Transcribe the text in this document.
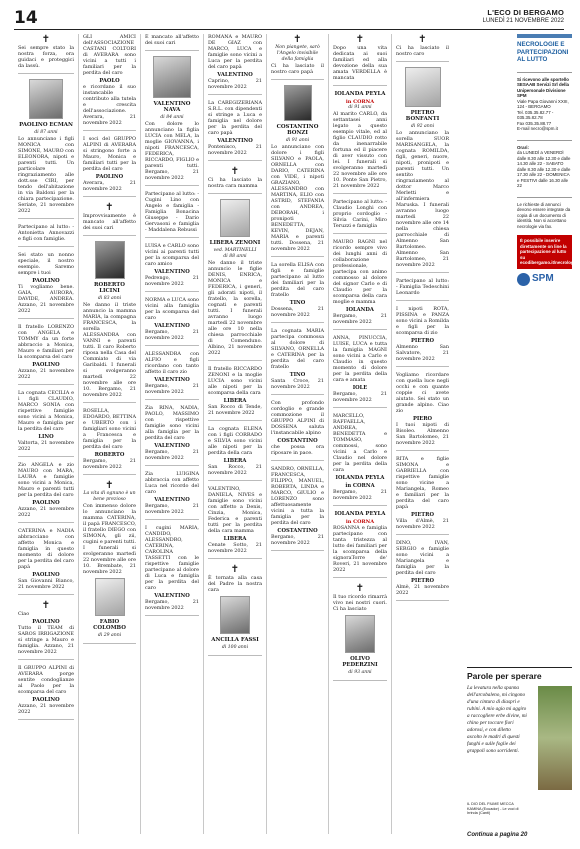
14	L'ECO DI BERGAMO
LUNEDÌ 21 NOVEMBRE 2022
✝
Sei sempre stato la nostra forza, ora guidaci e proteggici da lassù.
PAOLINO ECMAN
di 87 anni
Lo annunciano i figli MONICA con SIMONE, MAURO con ELEONORA, nipoti e parenti tutti. Un particolare ringraziamento alle dott.sse CIRI, per tendo dell'abitazione in via Baldoni per la chiara partecipazione. Seriate, 21 novembre 2022
Partecipano al lutto: - Antonietta Annovazzi e figli con famiglie.
Sei stato un nonno speciale, il nostro esempio. Saremo sempre i tuoi
PAOLINO
Ti vogliamo bene. GAIA, AURORA, DAVIDE, ANDREA. Azzano, 21 novembre 2022
Il fratello LORENZO con ANGELA e TOMMY da un forte abbraccio a Monica, Mauro e familiari per la scomparsa del caro
PAOLINO
Azzano, 21 novembre 2022
La cognata CECILIA e i figli CLAUDIO, MARCO SONIA con rispettive famiglie sono vicini a Monica, Mauro e famiglia per la perdita del caro
LINO
Valtorta, 21 novembre 2022
Zio ANGELA e zio MAURO con MARA, LAURA e famiglie sono vicini a Monica, Mauro e parenti tutti per la perdita del caro
PAOLINO
Azzano, 21 novembre 2022
CATERINA e NADIA abbracciano con affetto Monica e famiglia in questo momento di dolore per la perdita del caro papà
PAOLINO
San Giovanni Bianco, 21 novembre 2022
✝
Ciao
PAOLINO
Tutto il TEAM di SAROS IRRIGAZIONE si stringe a Mauro e famiglia. Azzano, 21 novembre 2022
Il GRUPPO ALPINI di AVERARA porge sentite condoglianze al Paolo per la scomparsa del caro
PAOLINO
Azzano, 21 novembre 2022
GLI AMICI dell'ASSOCIAZIONE CASTANI COLTORI di AVERARA sono vicini a tutti i familiari per la perdita del caro
PAOLO
e ricordano il suo instancabile contributo alla tutela e crescita dell'associazione. Averara, 21 novembre 2022
I soci del GRUPPO ALPINI di AVERARA si stringono forte a Mauro, Monica e familiari tutti per la perdita del caro
PAOLINO
Averara, 21 novembre 2022
✝
Improvvisamente è mancato all'affetto dei suoi cari
ROBERTO LICINI
di 83 anni
Ne danno il triste annuncio la mamma MARIA, la compagna FRANCESCA, la sorella ALESSANDRA con VANNI e parenti tutti. Il caro Roberto riposa nella Casa del Commiato di via Garibaldi. I funerali si svolgeranno martedì 22 novembre alle ore 10. Bergamo, 21 novembre 2022
ROSELLA, EDOARDO, BETTINA e UBERTO con i famigliari sono vicini a Francesca e famiglia per la perdita del caro
ROBERTO
Bergamo, 21 novembre 2022
✝
La vita di ognuno è un bene prezioso
Con immenso dolore lo annunciano la mamma CATERINA, il papà FRANCESCO, il fratello DIEGO con SIMONA, gli zii, cugini e parenti tutti. I funerali si svolgeranno martedì 22 novembre alle ore 10. Brembate, 21 novembre 2022
FABIO COLOMBO
di 29 anni
È mancato all'affetto dei suoi cari
VALENTINO NAVA
di 84 anni
Con dolore lo annunciano la figlia LUCIA con MELA, la moglie GIOVANNA, i nipoti FRANCESCA, FEDERICA, RICCARDO, FIGLIO e parenti tutti. Bergamo, 21 novembre 2022
Partecipano al lutto: - Cugini Lino con Angelo e famiglia - Famiglia Bonacina Giuseppe - Dario Gervasoni e famiglia - Maddalena Rebussi
LUISA e CARLO sono vicini ai parenti tutti per la scomparsa del caro amico
VALENTINO
Pedrengo, 21 novembre 2022
NORMA e LUCA sono vicini alla famiglia per la scomparsa del caro
VALENTINO
Bergamo, 21 novembre 2022
ALESSANDRA con ALFIO e figli ricordano con tanto affetto il caro zio
VALENTINO
Bergamo, 21 novembre 2022
Zia RINA, NADIA, PAOLO, MASSIMO con rispettive famiglie sono vicini alla famiglia per la perdita del caro
VALENTINO
Bergamo, 21 novembre 2022
Zia LUIGINA abbraccia con affetto Luca nel ricordo del caro
VALENTINO
Bergamo, 21 novembre 2022
I cugini MARIA, CANDIDO, ALESSANDRO, CATERINA, CAROLINA TASSETTI con le rispettive famiglie partecipano al dolore di Luca e famiglia per la perdita del caro
VALENTINO
Bergamo, 21 novembre 2022
ROMANA e MAURO DE GIAZ con MARCO, LUCA e famiglie sono vicini a Luca per la perdita del caro papà
VALENTINO
Caprino, 21 novembre 2022
La CAREGIZERIANA S.R.L. con dipendenti si stringe a Luca e famiglia nel dolore per la perdita del caro papà
VALENTINO
Pontenisco, 21 novembre 2022
✝
Ci ha lasciato la nostra cara mamma
LIBERA ZENONI
ved. MARTINELLI
di 88 anni
Ne danno il triste annuncio le figlie DENIS, ENRICA, MONICA e FEDERICA, i generi, gli adorati nipoti, il fratello, la sorella, cognati e parenti tutti. I funerali avranno luogo martedì 22 novembre alle ore 10 nella chiesa parrocchiale di Comenduno. Albino, 21 novembre 2022
Il fratello RICCARDO ZENONI e la moglie LUCIA sono vicini alle nipoti per la scomparsa della cara
LIBERA
San Rocco di Tende, 21 novembre 2022
La cognata ELENA con i figli CORRADO e SILVIA sono vicini alle nipoti per la perdita della cara
LIBERA
San Rocco, 21 novembre 2022
VALENTINO, DANIELA, NIVES e famiglie sono vicini con affetto a Denis, Cinzia, Monica, Federica e parenti tutti per la perdita della cara mamma
LIBERA
Cenate Sotto, 21 novembre 2022
✝
È tornata alla casa del Padre la nostra cara
ANCILLA FASSI
di 100 anni
✝
Non piangete, sarò l'Angelo invisibile della famiglia
Ci ha lasciato il nostro caro papà
COSTANTINO BONZI
di 91 anni
Lo annunciano con dolore i figli SILVANO e PAOLA, ORNELLA con DARIO, CATERINA con VIDE, i nipoti GRAZIANO, ALESSANDRO con MARTINA, ELIO con ASTRID, STEFANIA con ANDREA, DEBORAH, i pronipoti BENEDETTA, KEVIN, DEJAN, MARIA e parenti tutti. Dossena, 21 novembre 2022
La sorella ELISA con figli e famiglie partecipano al lutto dei familiari per la perdita del caro fratello
TINO
Dossena, 21 novembre 2022
La cognata MARIA partecipa commossa al dolore di SILVANO, ORNELLA e CATERINA per la perdita del caro fratello
TINO
Santa Croce, 21 novembre 2022
Con profondo cordoglio e grande commozione il GRUPPO ALPINI di DOSSENA saluta l'instancabile alpino
COSTANTINO
che possa ora riposare in pace.
SANDRO, ORNELLA, FRANCESCA, FILIPPO, MANUEL, ROBERTA, LINDA e MARCO, GIULIO e LORENZO sono affettuosamente vicini a tutta la famiglia per la perdita del caro
COSTANTINO
Bergamo, 21 novembre 2022
✝
Dopo una vita dedicata ai suoi familiari ed alla devozione della sua amata VERDELLA è mancata
IOLANDA PEYLA
in CORNA
di 91 anni
Al marito CARLO, da settantasei anni legato a questo esempio vitale, ed al figlio CLAUDIO rotto da inenarrabile fortuna ed il piacere di aver vissuto con lei. I funerali si svolgeranno martedì 22 novembre alle ore 10. Ponte San Pietro, 21 novembre 2022
Partecipano al lutto: - Claudio Longhi con proprio cordoglio - Silvia Carini, Miro Teruzzi e famiglia
MAURO RAGNI nel ricordo sempre vivo dei lunghi anni di collaborazione professionale, partecipa con animo commosso al dolore del signor Carlo e di Claudio per la scomparsa della cara moglie e mamma
IOLANDA
Bergamo, 21 novembre 2022
ANNA, PINUCCIA, LUISE, LUCA e tutta la famiglia MAGNI sono vicini a Carlo e Claudio in questo momento di dolore per la perdita della cara e amata
IOLE
Bergamo, 21 novembre 2022
MARCELLO, RAFFAELLA, ANDREA, BENEDETTA e TOMMASO, commossi, sono vicini a Carlo e Claudio nel dolore per la perdita della cara
IOLANDA PEYLA
in CORNA
Bergamo, 21 novembre 2022
IOLANDA PEYLA
in CORNA
ROSANNA e famiglia partecipano con tanta tristezza al lutto dei familiari per la scomparsa della signoraTorre de' Roveri, 21 novembre 2022
✝
Il tuo ricordo rimarrà vivo nei nostri cuori. Ci ha lasciato
OLIVO PEDERZINI
di 93 anni
✝
Ci ha lasciato il nostro caro
PIETRO BONFANTI
di 92 anni
Lo annunciano la sorella SUOR MARISANGELA, la cognata ROMILDA, figli, generi, nuore, nipoti, pronipoti e parenti tutti. Un sentito ringraziamento al dottor Marco Merletti e all'infermiera Maruska. I funerali avranno luogo martedì 22 novembre alle ore 14 nella chiesa parrocchiale di Almenno San Bartolomeo. Almenno San Bartolomeo, 21 novembre 2022
Partecipano al lutto: - Famiglia Tedeschini Leonardo
I nipoti ROTA, PISSINA e PANZA sono vicini a Romilda e figli per la scomparsa di zio
PIETRO
Almenno San Salvatore, 21 novembre 2022
Vogliamo ricordare con quella luce negli occhi e con quante coppie ci avete aiutato. Sei stato un grande alpino. Ciao zio
PIERO
I tuoi nipoti di Bisoleo. Almenno San Bartolomeo, 21 novembre 2022
RITA e figlie SIMONA e GABRIELLA con rispettive famiglie sono vicine a Mariangela, Romeo e familiari per la perdita del caro papà
PIETRO
Villa d'Almè, 21 novembre 2022
DINO, IVAN, SERGIO e famiglie sono vicini a Mariangela e famiglia per la perdita del caro
PIETRO
Almè, 21 novembre 2022
NECROLOGIE E PARTECIPAZIONI AL LUTTO
Si ricevono alle sportello SESAAB Servizi Srl della Unipersonale Divisione SPM
Viale Papa Giovanni XXIII, 124 - BERGAMO
Tel. 035.35.82.77 - 035.35.82.78
Fax 035.35.88.77
E-mail necro@spm.it
Orari:
da LUNEDÌ a VENERDÌ dalle 8.30 alle 12.30 e dalle 14.30 alle 22 - SABATO dalle 8.30 alle 12.30 e dalle 17.30 alle 22 - DOMENICA e FESTIVI dalle 16.30 alle 22
Le richieste di annunci devono essere integrate da copia di un documento di identità. Non si accettano necrologie via fax.
È possibile inserire direttamente on line la partecipazione al lutto su ecodibergamo.it/necrologie
SPM
Parole per sperare
La levatura nella spanna dell'arcobaleno, mi cingono d'una cintura di diaspri e rubini. A mio agio mi aggiro a raccogliere erbe divine, mi chino per toccare fiori adorosi, e con diletto ascolto le madri di questi funghi e sulle foglie dei grappoli sono sorridenti.
IL DIO DEL FIUME MECCA KAMINA (Ecuador) - Le voci di Irrinda (Canti)
Continua a pagina 20
